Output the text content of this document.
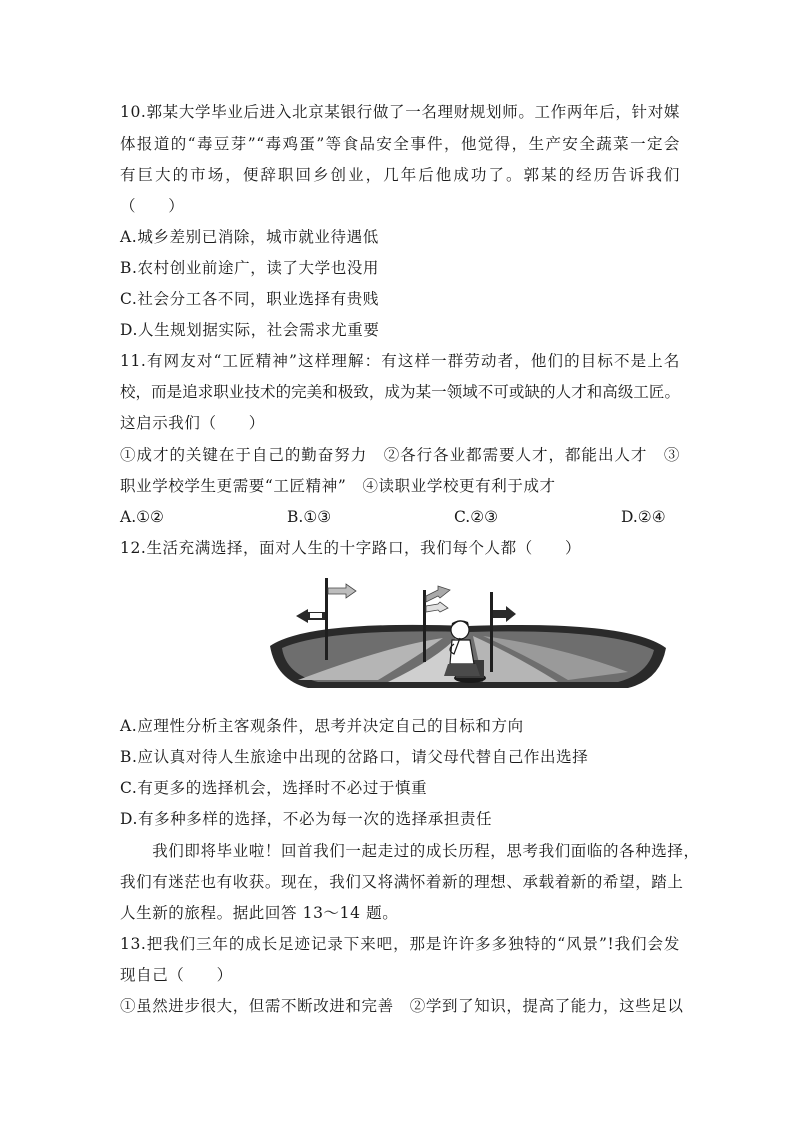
10.郭某大学毕业后进入北京某银行做了一名理财规划师。工作两年后，针对媒
体报道的“毒豆芽”“毒鸡蛋”等食品安全事件，他觉得，生产安全蔬菜一定会
有巨大的市场，便辞职回乡创业，几年后他成功了。郭某的经历告诉我们
（　　）
A.城乡差别已消除，城市就业待遇低
B.农村创业前途广，读了大学也没用
C.社会分工各不同，职业选择有贵贱
D.人生规划据实际，社会需求尤重要
11.有网友对“工匠精神”这样理解：有这样一群劳动者，他们的目标不是上名
校，而是追求职业技术的完美和极致，成为某一领域不可或缺的人才和高级工匠。
这启示我们（　　）
①成才的关键在于自己的勤奋努力　②各行各业都需要人才，都能出人才　③
职业学校学生更需要“工匠精神”　④读职业学校更有利于成才
A.①②	B.①③	C.②③	D.②④
12.生活充满选择，面对人生的十字路口，我们每个人都（　　）
A.应理性分析主客观条件，思考并决定自己的目标和方向
B.应认真对待人生旅途中出现的岔路口，请父母代替自己作出选择
C.有更多的选择机会，选择时不必过于慎重
D.有多种多样的选择，不必为每一次的选择承担责任
　　我们即将毕业啦！回首我们一起走过的成长历程，思考我们面临的各种选择，
我们有迷茫也有收获。现在，我们又将满怀着新的理想、承载着新的希望，踏上
人生新的旅程。据此回答 13～14 题。
13.把我们三年的成长足迹记录下来吧，那是许许多多独特的“风景”!我们会发
现自己（　　）
①虽然进步很大，但需不断改进和完善　②学到了知识，提高了能力，这些足以
